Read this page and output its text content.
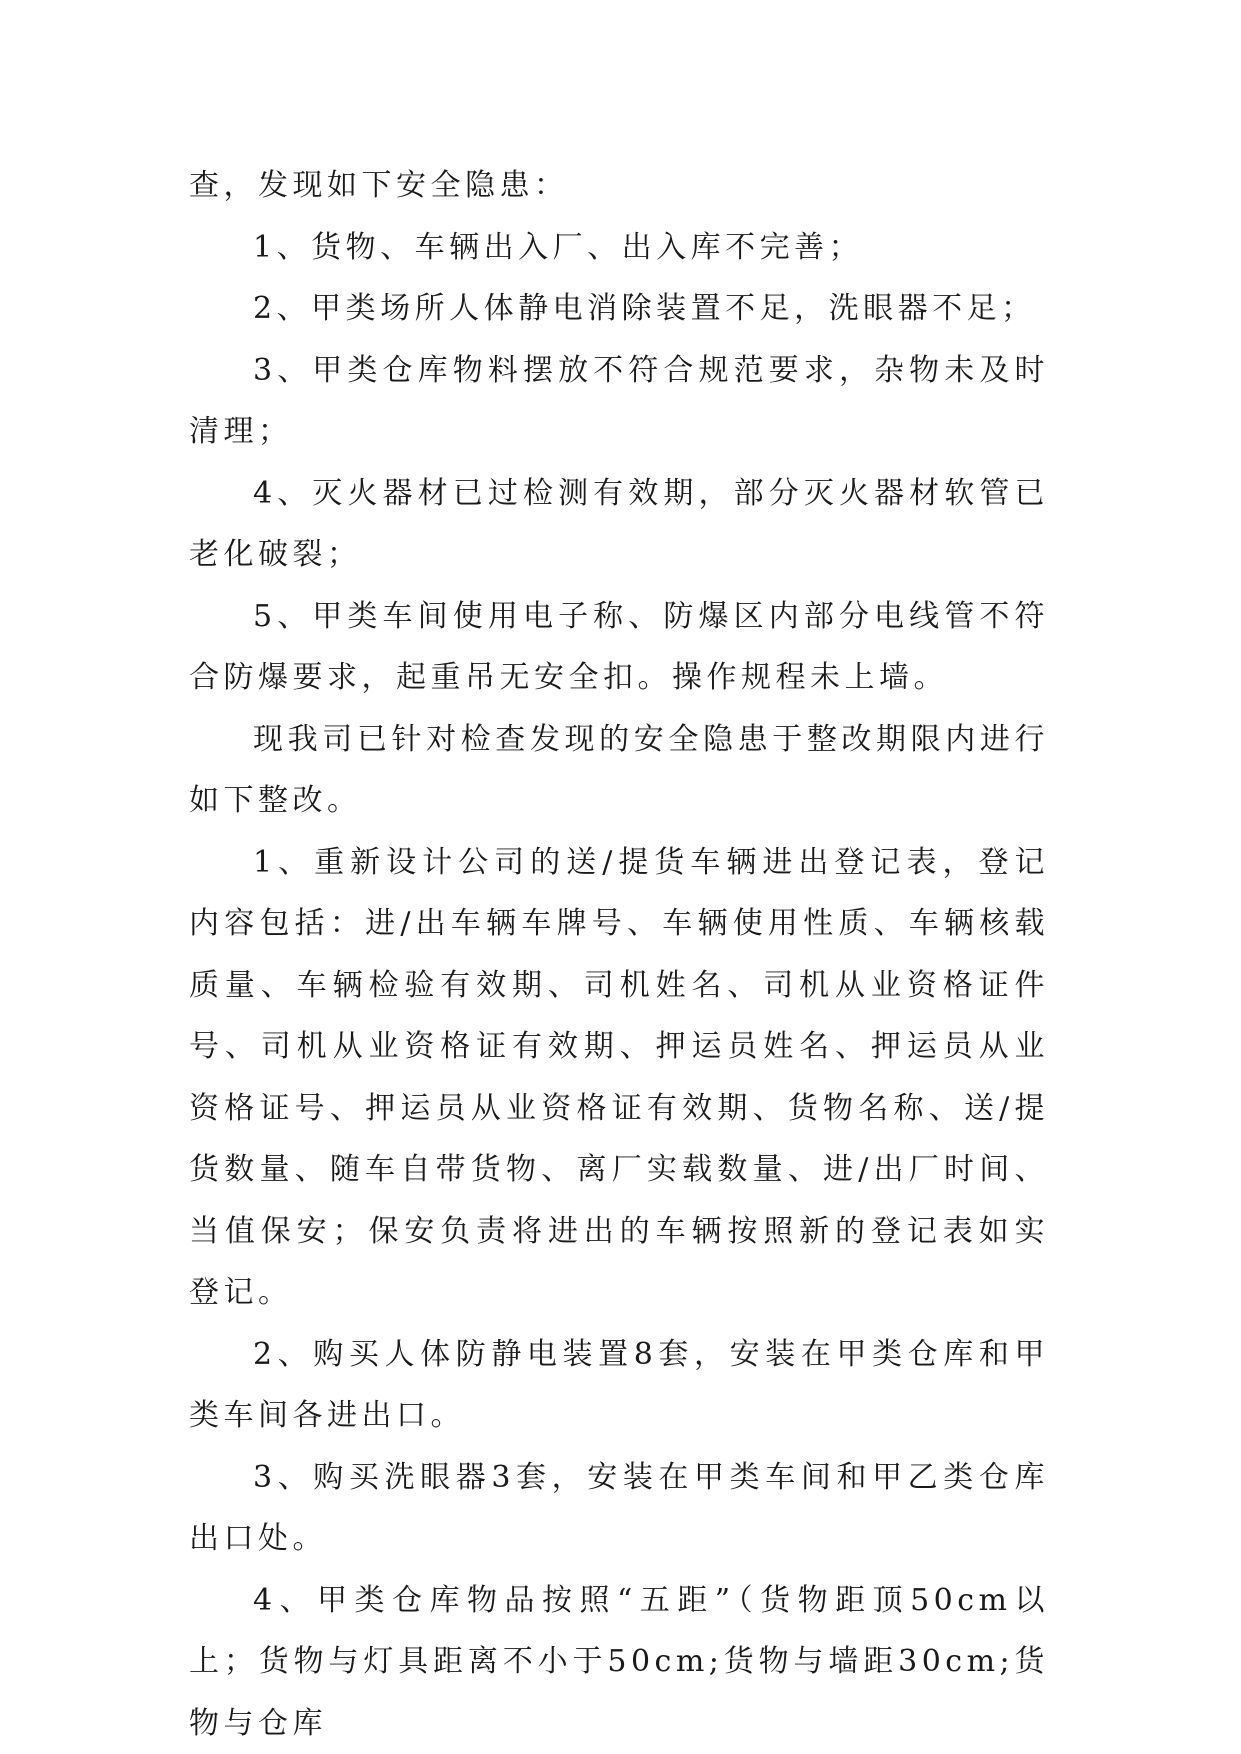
查，发现如下安全隐患：

1、货物、车辆出入厂、出入库不完善；

2、甲类场所人体静电消除装置不足，洗眼器不足；

3、甲类仓库物料摆放不符合规范要求，杂物未及时清理；

4、灭火器材已过检测有效期，部分灭火器材软管已老化破裂；

5、甲类车间使用电子称、防爆区内部分电线管不符合防爆要求，起重吊无安全扣。操作规程未上墙。

现我司已针对检查发现的安全隐患于整改期限内进行如下整改。

1、重新设计公司的送/提货车辆进出登记表，登记内容包括：进/出车辆车牌号、车辆使用性质、车辆核载质量、车辆检验有效期、司机姓名、司机从业资格证件号、司机从业资格证有效期、押运员姓名、押运员从业资格证号、押运员从业资格证有效期、货物名称、送/提货数量、随车自带货物、离厂实载数量、进/出厂时间、当值保安；保安负责将进出的车辆按照新的登记表如实登记。

2、购买人体防静电装置8套，安装在甲类仓库和甲类车间各进出口。

3、购买洗眼器3套，安装在甲类车间和甲乙类仓库出口处。

4、甲类仓库物品按照“五距”（货物距顶50cm以上；货物与灯具距离不小于50cm;货物与墙距30cm;货物与仓库
